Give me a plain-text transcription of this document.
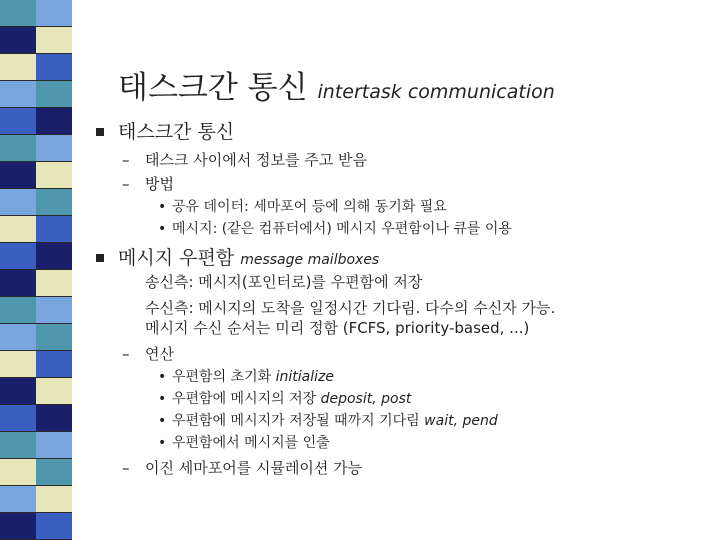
태스크간 통신 intertask communication
태스크간 통신
– 태스크 사이에서 정보를 주고 받음
– 방법
• 공유 데이터: 세마포어 등에 의해 동기화 필요
• 메시지: (같은 컴퓨터에서) 메시지 우편함이나 큐를 이용
메시지 우편함 message mailboxes
송신측: 메시지(포인터로)를 우편함에 저장
수신측: 메시지의 도착을 일정시간 기다림. 다수의 수신자 가능.
메시지 수신 순서는 미리 정함 (FCFS, priority-based, ...)
– 연산
• 우편함의 초기화 initialize
• 우편함에 메시지의 저장 deposit, post
• 우편함에 메시지가 저장될 때까지 기다림 wait, pend
• 우편함에서 메시지를 인출
– 이진 세마포어를 시뮬레이션 가능
